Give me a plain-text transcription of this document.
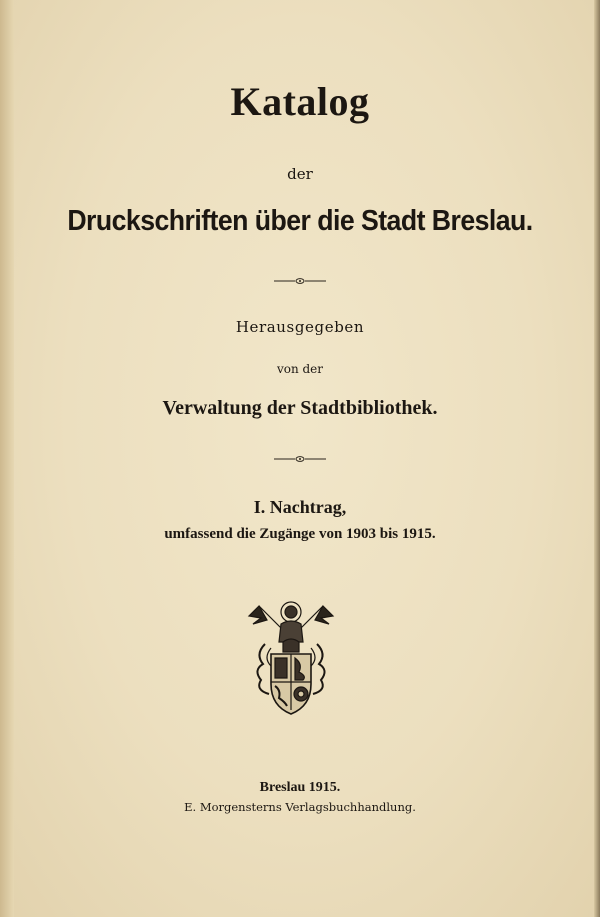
Katalog
der
Druckschriften über die Stadt Breslau.
Herausgegeben
von der
Verwaltung der Stadtbibliothek.
I. Nachtrag,
umfassend die Zugänge von 1903 bis 1915.
Breslau 1915.
E. Morgensterns Verlagsbuchhandlung.
